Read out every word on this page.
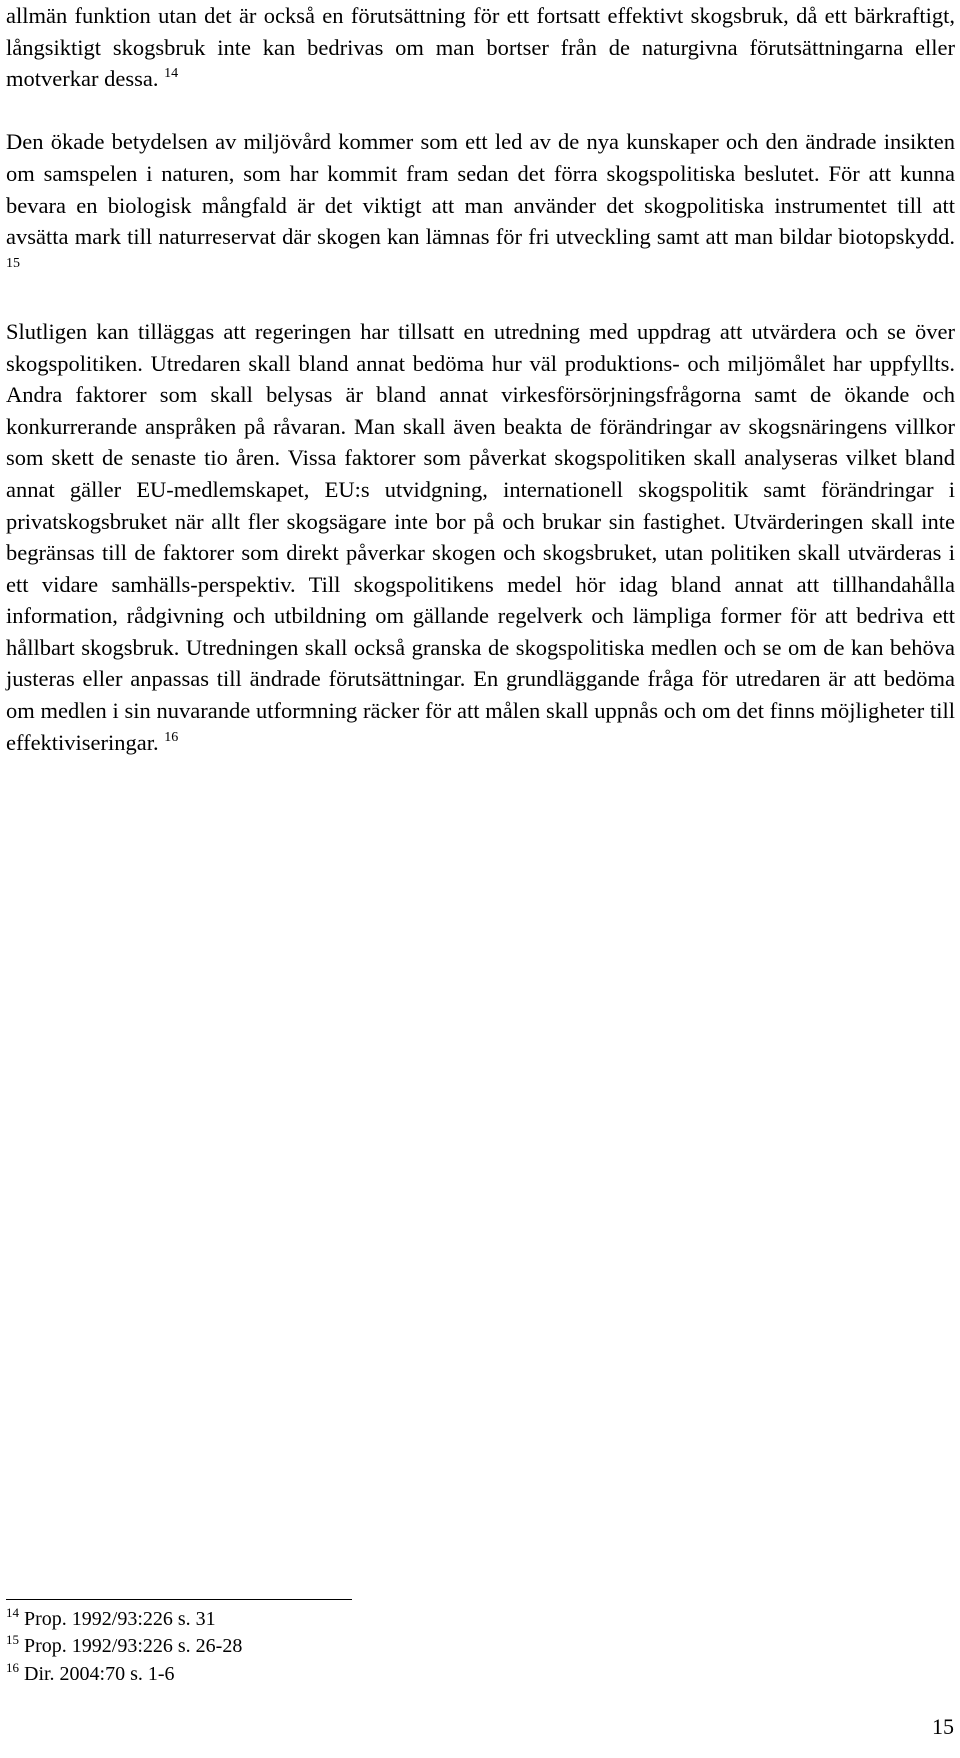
allmän funktion utan det är också en förutsättning för ett fortsatt effektivt skogsbruk, då ett bärkraftigt, långsiktigt skogsbruk inte kan bedrivas om man bortser från de naturgivna förutsättningarna eller motverkar dessa. $^{14}$

Den ökade betydelsen av miljövård kommer som ett led av de nya kunskaper och den ändrade insikten om samspelen i naturen, som har kommit fram sedan det förra skogspolitiska beslutet. För att kunna bevara en biologisk mångfald är det viktigt att man använder det skogpolitiska instrumentet till att avsätta mark till naturreservat där skogen kan lämnas för fri utveckling samt att man bildar biotopskydd. $^{15}$

Slutligen kan tilläggas att regeringen har tillsatt en utredning med uppdrag att utvärdera och se över skogspolitiken. Utredaren skall bland annat bedöma hur väl produktions- och miljömålet har uppfyllts. Andra faktorer som skall belysas är bland annat virkesförsörjningsfrågorna samt de ökande och konkurrerande anspråken på råvaran. Man skall även beakta de förändringar av skogsnäringens villkor som skett de senaste tio åren. Vissa faktorer som påverkat skogspolitiken skall analyseras vilket bland annat gäller EU-medlemskapet, EU:s utvidgning, internationell skogspolitik samt förändringar i privatskogsbruket när allt fler skogsägare inte bor på och brukar sin fastighet. Utvärderingen skall inte begränsas till de faktorer som direkt påverkar skogen och skogsbruket, utan politiken skall utvärderas i ett vidare samhälls-perspektiv. Till skogspolitikens medel hör idag bland annat att tillhandahålla information, rådgivning och utbildning om gällande regelverk och lämpliga former för att bedriva ett hållbart skogsbruk. Utredningen skall också granska de skogspolitiska medlen och se om de kan behöva justeras eller anpassas till ändrade förutsättningar. En grundläggande fråga för utredaren är att bedöma om medlen i sin nuvarande utformning räcker för att målen skall uppnås och om det finns möjligheter till effektiviseringar. $^{16}$

$^{14}$ Prop. 1992/93:226 s. 31
$^{15}$ Prop. 1992/93:226 s. 26-28
$^{16}$ Dir. 2004:70 s. 1-6
15
